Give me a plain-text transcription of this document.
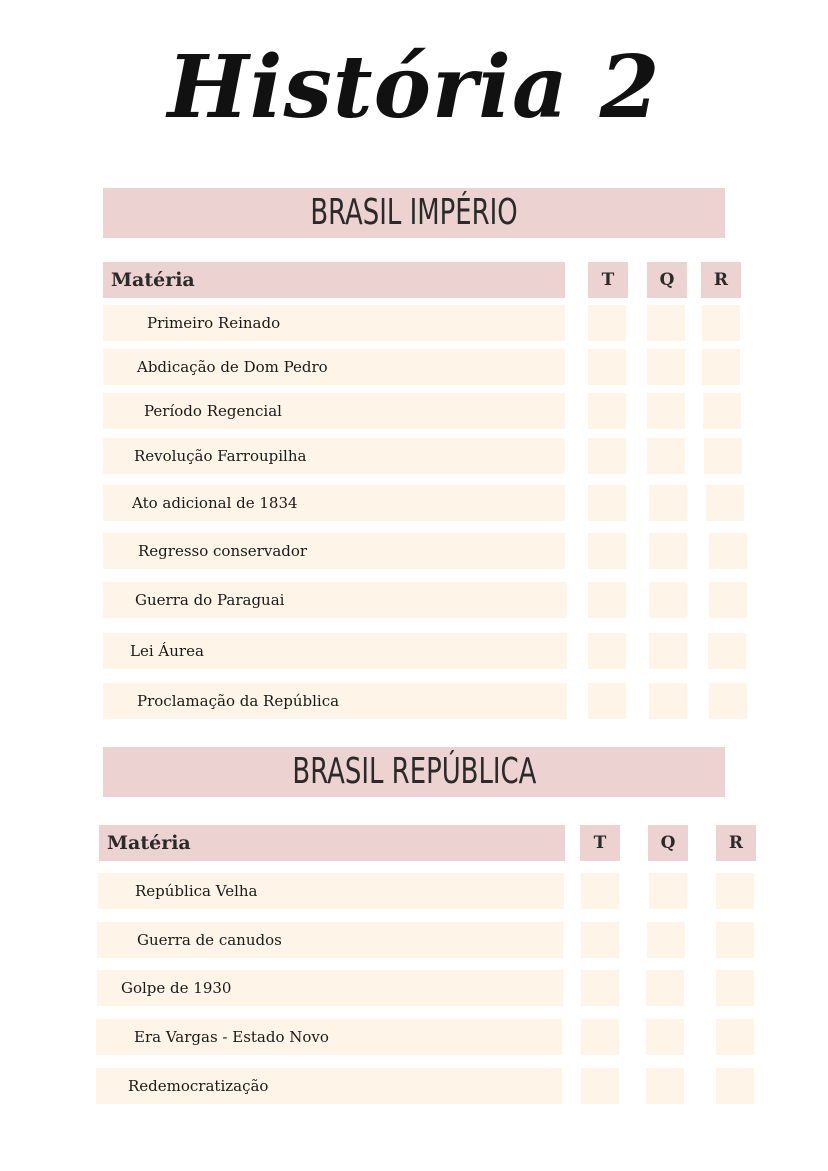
História 2
BRASIL IMPÉRIO
Matéria	T	Q	R
Primeiro Reinado
Abdicação de Dom Pedro
Período Regencial
Revolução Farroupilha
Ato adicional de 1834
Regresso conservador
Guerra do Paraguai
Lei Áurea
Proclamação da República
BRASIL REPÚBLICA
Matéria	T	Q	R
República Velha
Guerra de canudos
Golpe de 1930
Era Vargas - Estado Novo
Redemocratização
